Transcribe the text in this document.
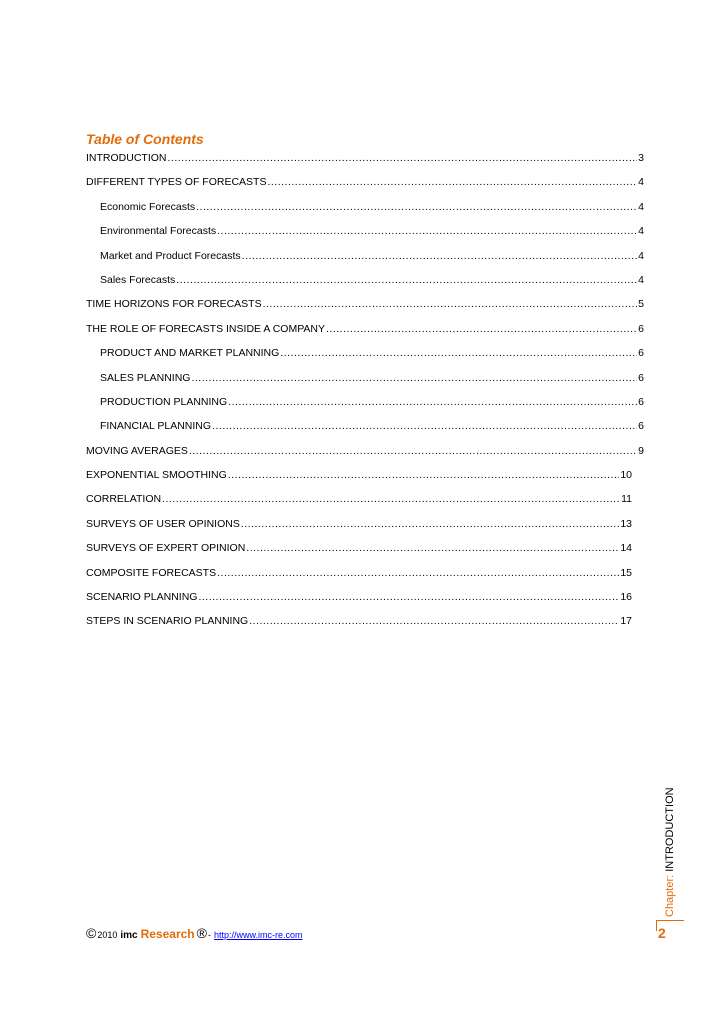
Table of Contents
INTRODUCTION .....	3
DIFFERENT TYPES OF FORECASTS .....	4
Economic Forecasts .....	4
Environmental Forecasts .....	4
Market and Product Forecasts .....	4
Sales Forecasts .....	4
TIME HORIZONS FOR FORECASTS .....	5
THE ROLE OF FORECASTS INSIDE A COMPANY .....	6
PRODUCT AND MARKET PLANNING .....	6
SALES PLANNING .....	6
PRODUCTION PLANNING .....	6
FINANCIAL PLANNING .....	6
MOVING AVERAGES .....	9
EXPONENTIAL SMOOTHING .....	10
CORRELATION .....	11
SURVEYS OF USER OPINIONS .....	13
SURVEYS OF EXPERT OPINION .....	14
COMPOSITE FORECASTS .....	15
SCENARIO PLANNING .....	16
STEPS IN SCENARIO PLANNING .....	17
Chapter: INTRODUCTION
2
© 2010 imc Research ® - http://www.imc-re.com
